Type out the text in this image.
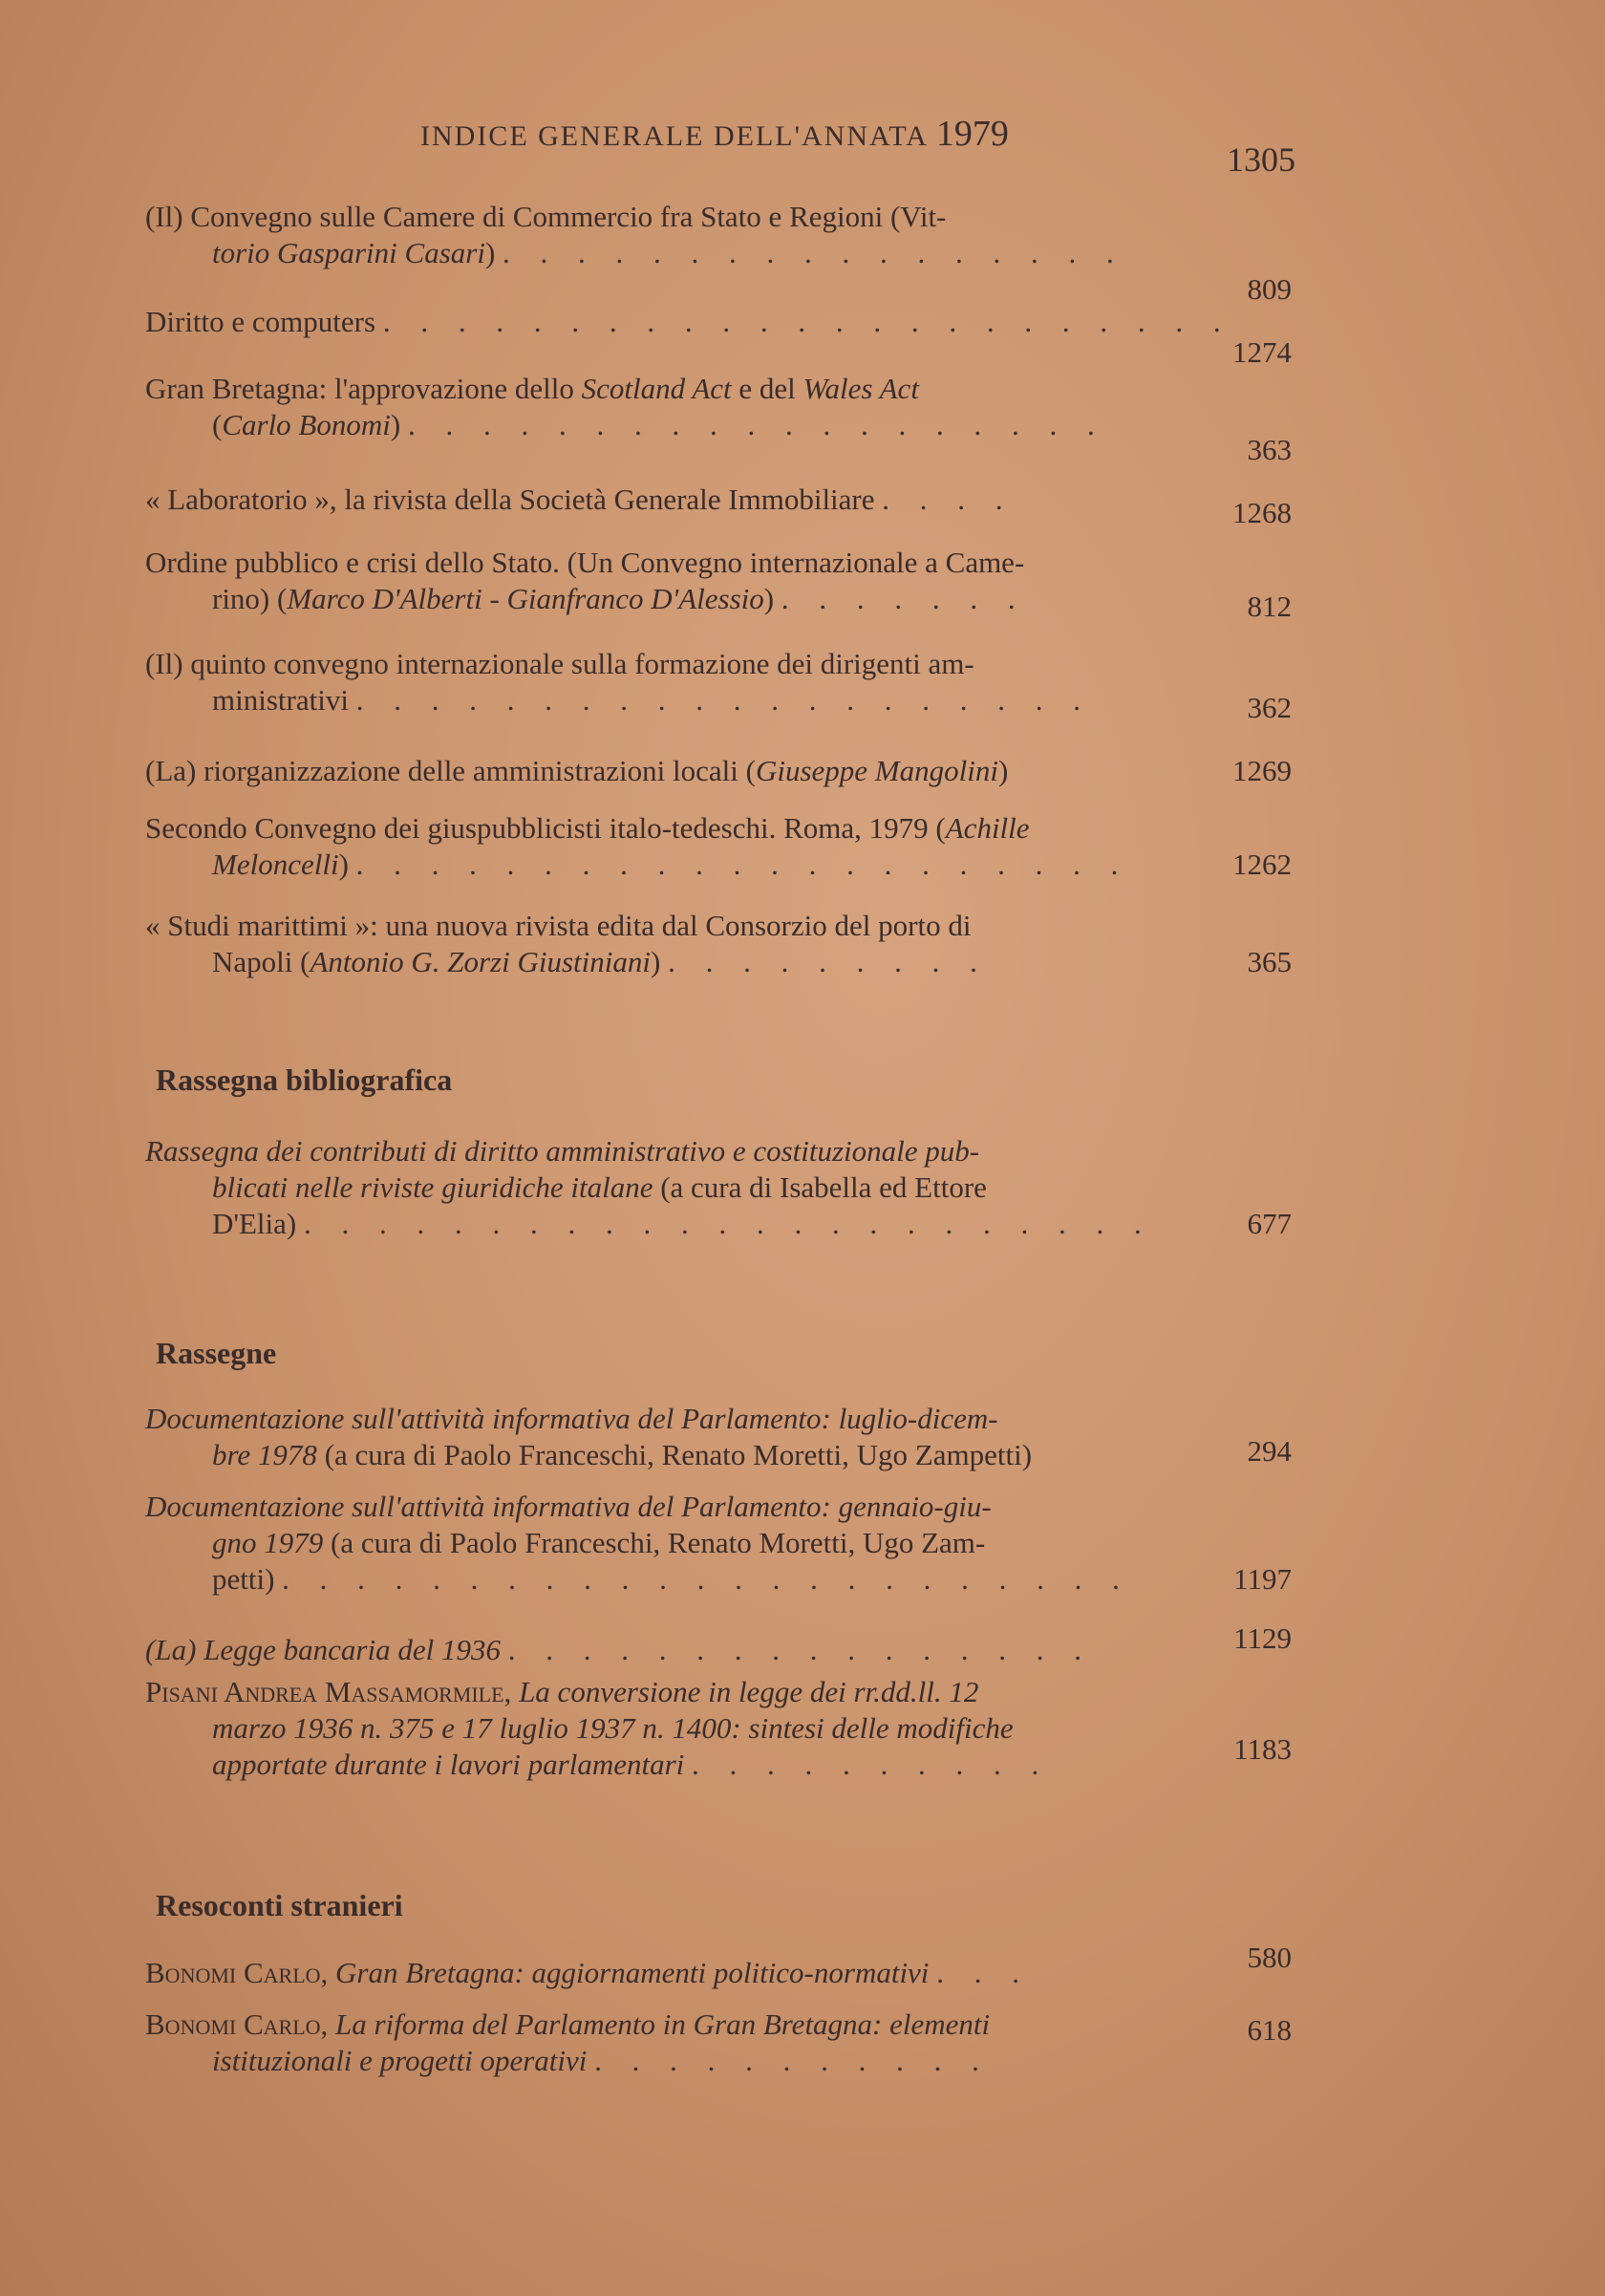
INDICE GENERALE DELL'ANNATA 1979
1305
(Il) Convegno sulle Camere di Commercio fra Stato e Regioni (Vit-
torio Gasparini Casari) . . . . . . . . . . . . . . . . .
809
Diritto e computers . . . . . . . . . . . . . . . . . . . . . . .
1274
Gran Bretagna: l'approvazione dello Scotland Act e del Wales Act
(Carlo Bonomi) . . . . . . . . . . . . . . . . . . .
363
« Laboratorio », la rivista della Società Generale Immobiliare . . . .	1268
Ordine pubblico e crisi dello Stato. (Un Convegno internazionale a Came-
rino) (Marco D'Alberti - Gianfranco D'Alessio) . . . . . . .	812
(Il) quinto convegno internazionale sulla formazione dei dirigenti am-
ministrativi . . . . . . . . . . . . . . . . . . . .	362
(La) riorganizzazione delle amministrazioni locali (Giuseppe Mangolini)	1269
Secondo Convegno dei giuspubblicisti italo-tedeschi. Roma, 1979 (Achille
Meloncelli) . . . . . . . . . . . . . . . . . . . . .	1262
« Studi marittimi »: una nuova rivista edita dal Consorzio del porto di
Napoli (Antonio G. Zorzi Giustiniani) . . . . . . . . .	365
Rassegna bibliografica
Rassegna dei contributi di diritto amministrativo e costituzionale pub-
blicati nelle riviste giuridiche italane (a cura di Isabella ed Ettore
D'Elia) . . . . . . . . . . . . . . . . . . . . . . .	677
Rassegne
Documentazione sull'attività informativa del Parlamento: luglio-dicem-
bre 1978 (a cura di Paolo Franceschi, Renato Moretti, Ugo Zampetti)	294
Documentazione sull'attività informativa del Parlamento: gennaio-giu-
gno 1979 (a cura di Paolo Franceschi, Renato Moretti, Ugo Zam-
petti) . . . . . . . . . . . . . . . . . . . . . . .	1197
(La) Legge bancaria del 1936 . . . . . . . . . . . . . . . .	1129
Pisani Andrea Massamormile, La conversione in legge dei rr.dd.ll. 12
marzo 1936 n. 375 e 17 luglio 1937 n. 1400: sintesi delle modifiche
apportate durante i lavori parlamentari . . . . . . . . . .	1183
Resoconti stranieri
Bonomi Carlo, Gran Bretagna: aggiornamenti politico-normativi . . .	580
Bonomi Carlo, La riforma del Parlamento in Gran Bretagna: elementi
istituzionali e progetti operativi . . . . . . . . . . .
618
